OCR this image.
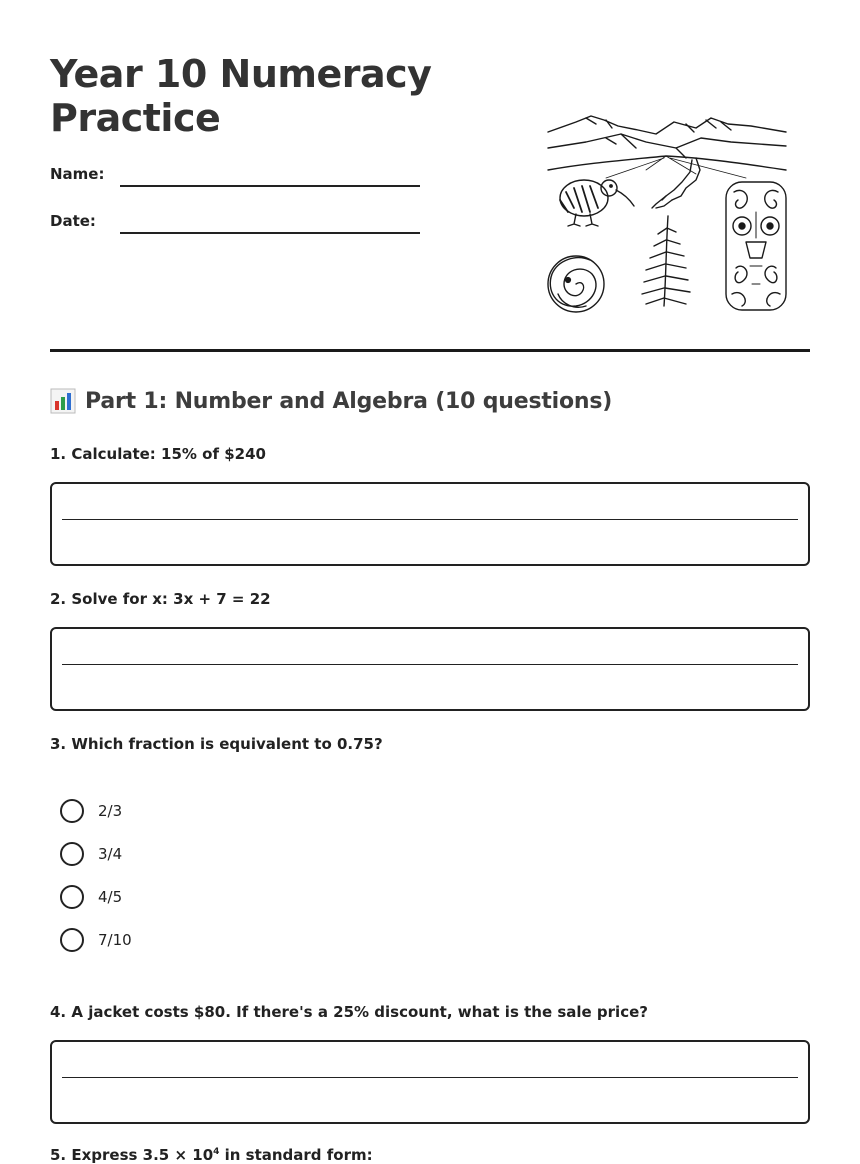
Year 10 Numeracy
Practice
Name:
Date:
Part 1: Number and Algebra (10 questions)

1. Calculate: 15% of $240

2. Solve for x: 3x + 7 = 22

3. Which fraction is equivalent to 0.75?

2/3
3/4
4/5
7/10

4. A jacket costs $80. If there's a 25% discount, what is the sale price?

5. Express $3.5 \times 10^4$ in standard form:
